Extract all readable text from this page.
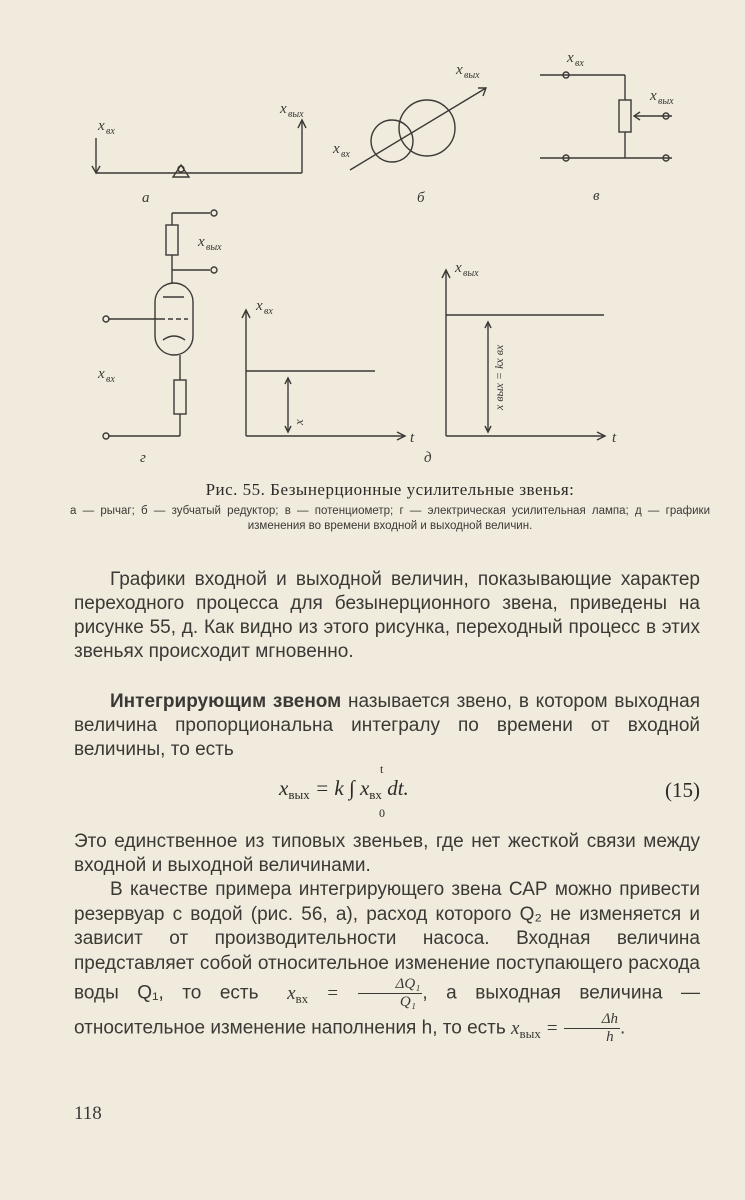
x вх
x вых
а
x вх
x вых
б
x вх
x вых
в
x вых
x вх
г
x вх
t
x вых
t
д
x
x вых = kx вх
Рис. 55. Безынерционные усилительные звенья:
а — рычаг; б — зубчатый редуктор; в — потенциометр; г — электрическая усилительная лампа; д — графики изменения во времени входной и выходной величин.

Графики входной и выходной величин, показывающие характер переходного процесса для безынерционного звена, приведены на рисунке 55, д. Как видно из этого рисунка, переходный процесс в этих звеньях происходит мгновенно.

Интегрирующим звеном называется звено, в котором выходная величина пропорциональна интегралу по времени от входной величины, то есть

$x_{вых} = k$ ∫ $x_{вх}$ dt.
t
0
(15)

Это единственное из типовых звеньев, где нет жесткой связи между входной и выходной величинами.

В качестве примера интегрирующего звена САР можно привести резервуар с водой (рис. 56, а), расход которого Q₂ не изменяется и зависит от производительности насоса. Входная величина представляет собой относительное изменение поступающего расхода воды Q₁, то есть $x_{вх} = \frac{\text{ΔQ₁}}{\text{Q₁}}$ , а выходная величина — относительное изменение наполнения h, то есть $x_{вых} = \frac{\Delta h}{h}$ .

118
